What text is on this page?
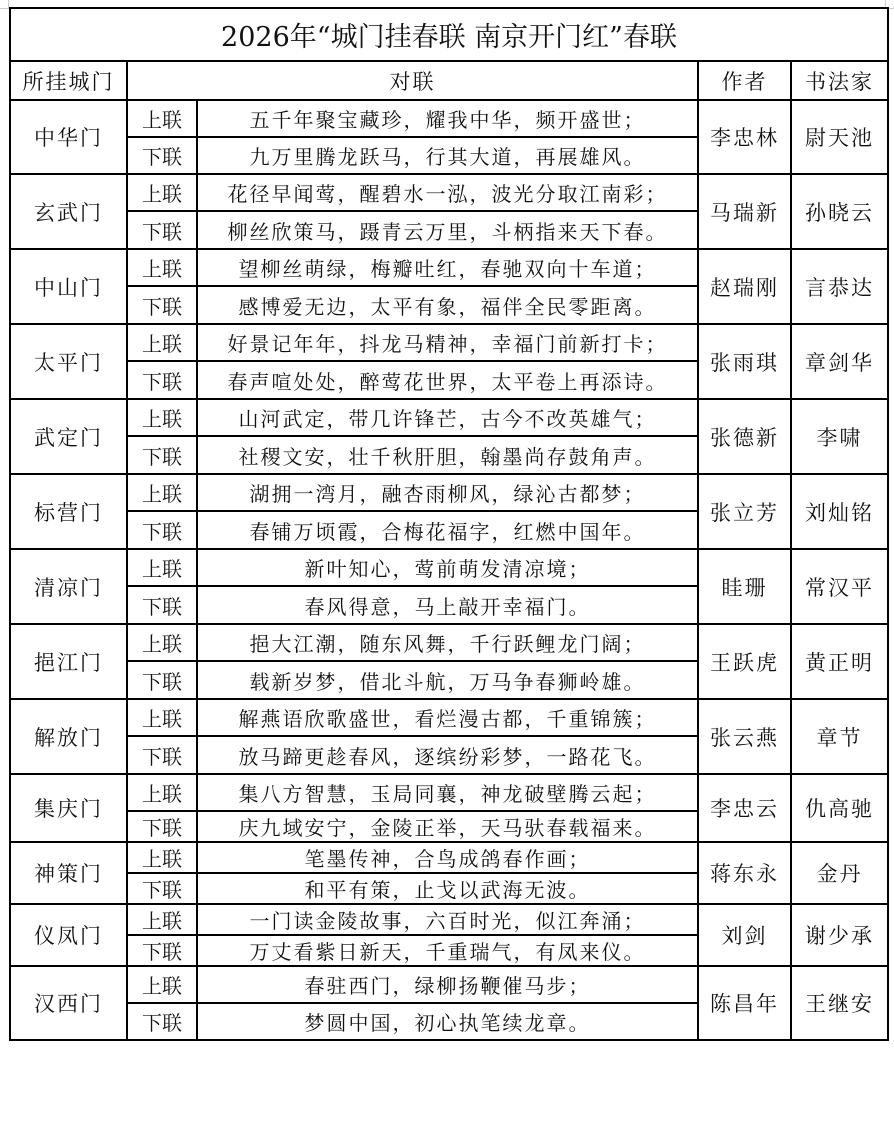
2026年“城门挂春联 南京开门红”春联				
所挂城门	对联		作者	书法家
中华门	上联	五千年聚宝藏珍，耀我中华，频开盛世；	李忠林	尉天池
	下联	九万里腾龙跃马，行其大道，再展雄风。		
玄武门	上联	花径早闻莺，醒碧水一泓，波光分取江南彩；	马瑞新	孙晓云
	下联	柳丝欣策马，蹑青云万里，斗柄指来天下春。		
中山门	上联	望柳丝萌绿，梅瓣吐红，春驰双向十车道；	赵瑞刚	言恭达
	下联	感博爱无边，太平有象，福伴全民零距离。		
太平门	上联	好景记年年，抖龙马精神，幸福门前新打卡；	张雨琪	章剑华
	下联	春声喧处处，醉莺花世界，太平卷上再添诗。		
武定门	上联	山河武定，带几许锋芒，古今不改英雄气；	张德新	李啸
	下联	社稷文安，壮千秋肝胆，翰墨尚存鼓角声。		
标营门	上联	湖拥一湾月，融杏雨柳风，绿沁古都梦；	张立芳	刘灿铭
	下联	春铺万顷霞，合梅花福字，红燃中国年。		
清凉门	上联	新叶知心，莺前萌发清凉境；	眭珊	常汉平
	下联	春风得意，马上敲开幸福门。		
挹江门	上联	挹大江潮，随东风舞，千行跃鲤龙门阔；	王跃虎	黄正明
	下联	载新岁梦，借北斗航，万马争春狮岭雄。		
解放门	上联	解燕语欣歌盛世，看烂漫古都，千重锦簇；	张云燕	章节
	下联	放马蹄更趁春风，逐缤纷彩梦，一路花飞。		
集庆门	上联	集八方智慧，玉局同襄，神龙破壁腾云起；	李忠云	仇高驰
	下联	庆九域安宁，金陵正举，天马驮春载福来。		
神策门	上联	笔墨传神，合鸟成鸽春作画；	蒋东永	金丹
	下联	和平有策，止戈以武海无波。		
仪凤门	上联	一门读金陵故事，六百时光，似江奔涌；	刘剑	谢少承
	下联	万丈看紫日新天，千重瑞气，有凤来仪。		
汉西门	上联	春驻西门，绿柳扬鞭催马步；	陈昌年	王继安
	下联	梦圆中国，初心执笔续龙章。		
